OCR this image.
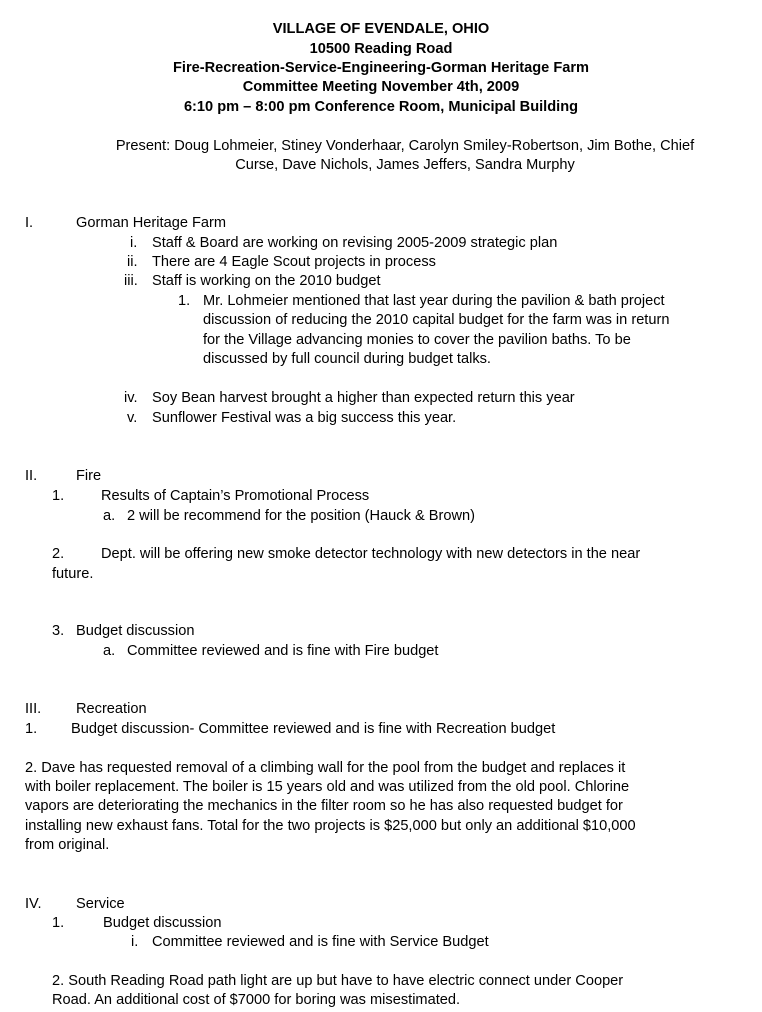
VILLAGE OF EVENDALE, OHIO
10500 Reading Road
Fire-Recreation-Service-Engineering-Gorman Heritage Farm
Committee Meeting November 4th, 2009
6:10 pm – 8:00 pm Conference Room, Municipal Building
Present: Doug Lohmeier, Stiney Vonderhaar, Carolyn Smiley-Robertson, Jim Bothe, Chief
Curse, Dave Nichols, James Jeffers, Sandra Murphy
I.	Gorman Heritage Farm
i. Staff & Board are working on revising 2005-2009 strategic plan
ii. There are 4 Eagle Scout projects in process
iii. Staff is working on the 2010 budget
1. Mr. Lohmeier mentioned that last year during the pavilion & bath project
discussion of reducing the 2010 capital budget for the farm was in return
for the Village advancing monies to cover the pavilion baths. To be
discussed by full council during budget talks.
iv. Soy Bean harvest brought a higher than expected return this year
v. Sunflower Festival was a big success this year.
II.	Fire
1.	Results of Captain’s Promotional Process
a. 2 will be recommend for the position (Hauck & Brown)
2.	Dept. will be offering new smoke detector technology with new detectors in the near
future.
3. Budget discussion
a. Committee reviewed and is fine with Fire budget
III. Recreation
1. Budget discussion- Committee reviewed and is fine with Recreation budget
2. Dave has requested removal of a climbing wall for the pool from the budget and replaces it
with boiler replacement. The boiler is 15 years old and was utilized from the old pool. Chlorine
vapors are deteriorating the mechanics in the filter room so he has also requested budget for
installing new exhaust fans. Total for the two projects is $25,000 but only an additional $10,000
from original.
IV. Service
1.	Budget discussion
i. Committee reviewed and is fine with Service Budget
2. South Reading Road path light are up but have to have electric connect under Cooper
Road. An additional cost of $7000 for boring was misestimated.
